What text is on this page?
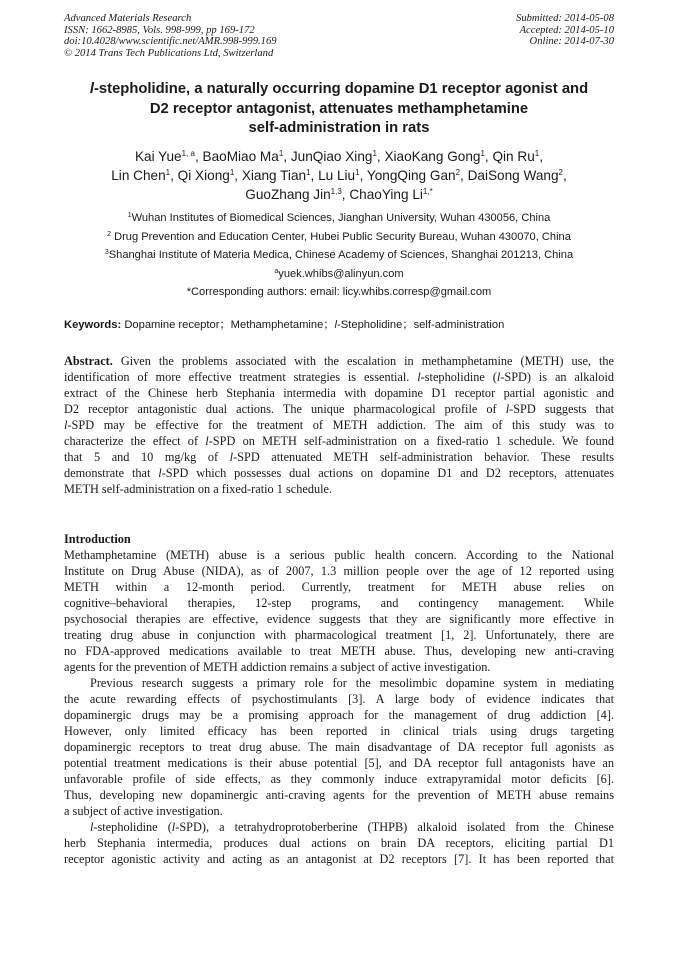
Advanced Materials Research
ISSN: 1662-8985, Vols. 998-999, pp 169-172
doi:10.4028/www.scientific.net/AMR.998-999.169
© 2014 Trans Tech Publications Ltd, Switzerland
Submitted: 2014-05-08
Accepted: 2014-05-10
Online: 2014-07-30
l-stepholidine, a naturally occurring dopamine D1 receptor agonist and
D2 receptor antagonist, attenuates methamphetamine
self-administration in rats
Kai Yue$^{1, a}$, BaoMiao Ma$^1$, JunQiao Xing$^1$, XiaoKang Gong$^1$, Qin Ru$^1$,
Lin Chen$^1$, Qi Xiong$^1$, Xiang Tian$^1$, Lu Liu$^1$, YongQing Gan$^2$, DaiSong Wang$^2$,
GuoZhang Jin$^{1,3}$, ChaoYing $Li^{1,*}$
$^1$Wuhan Institutes of Biomedical Sciences, Jianghan University, Wuhan 430056, China
$^2$ Drug Prevention and Education Center, Hubei Public Security Bureau, Wuhan 430070, China
$^3$Shanghai Institute of Materia Medica, Chinese Academy of Sciences, Shanghai 201213, China
$^a$yuek.whibs@alinyun.com
*Corresponding authors: email: licy.whibs.corresp@gmail.com
Keywords: Dopamine receptor；Methamphetamine；l-Stepholidine；self-administration
Abstract. Given the problems associated with the escalation in methamphetamine (METH) use, the
identification of more effective treatment strategies is essential. l-stepholidine (l-SPD) is an alkaloid
extract of the Chinese herb Stephania intermedia with dopamine D1 receptor partial agonistic and
D2 receptor antagonistic dual actions. The unique pharmacological profile of l-SPD suggests that
l-SPD may be effective for the treatment of METH addiction. The aim of this study was to
characterize the effect of l-SPD on METH self-administration on a fixed-ratio 1 schedule. We found
that 5 and 10 mg/kg of l-SPD attenuated METH self-administration behavior. These results
demonstrate that l-SPD which possesses dual actions on dopamine D1 and D2 receptors, attenuates
METH self-administration on a fixed-ratio 1 schedule.
Introduction
Methamphetamine (METH) abuse is a serious public health concern. According to the National
Institute on Drug Abuse (NIDA), as of 2007, 1.3 million people over the age of 12 reported using
METH within a 12-month period. Currently, treatment for METH abuse relies on
cognitive–behavioral therapies, 12-step programs, and contingency management. While
psychosocial therapies are effective, evidence suggests that they are significantly more effective in
treating drug abuse in conjunction with pharmacological treatment [1, 2]. Unfortunately, there are
no FDA-approved medications available to treat METH abuse. Thus, developing new anti-craving
agents for the prevention of METH addiction remains a subject of active investigation.
Previous research suggests a primary role for the mesolimbic dopamine system in mediating
the acute rewarding effects of psychostimulants [3]. A large body of evidence indicates that
dopaminergic drugs may be a promising approach for the management of drug addiction [4].
However, only limited efficacy has been reported in clinical trials using drugs targeting
dopaminergic receptors to treat drug abuse. The main disadvantage of DA receptor full agonists as
potential treatment medications is their abuse potential [5], and DA receptor full antagonists have an
unfavorable profile of side effects, as they commonly induce extrapyramidal motor deficits [6].
Thus, developing new dopaminergic anti-craving agents for the prevention of METH abuse remains
a subject of active investigation.
l-stepholidine (l-SPD), a tetrahydroprotoberberine (THPB) alkaloid isolated from the Chinese
herb Stephania intermedia, produces dual actions on brain DA receptors, eliciting partial D1
receptor agonistic activity and acting as an antagonist at D2 receptors [7]. It has been reported that
